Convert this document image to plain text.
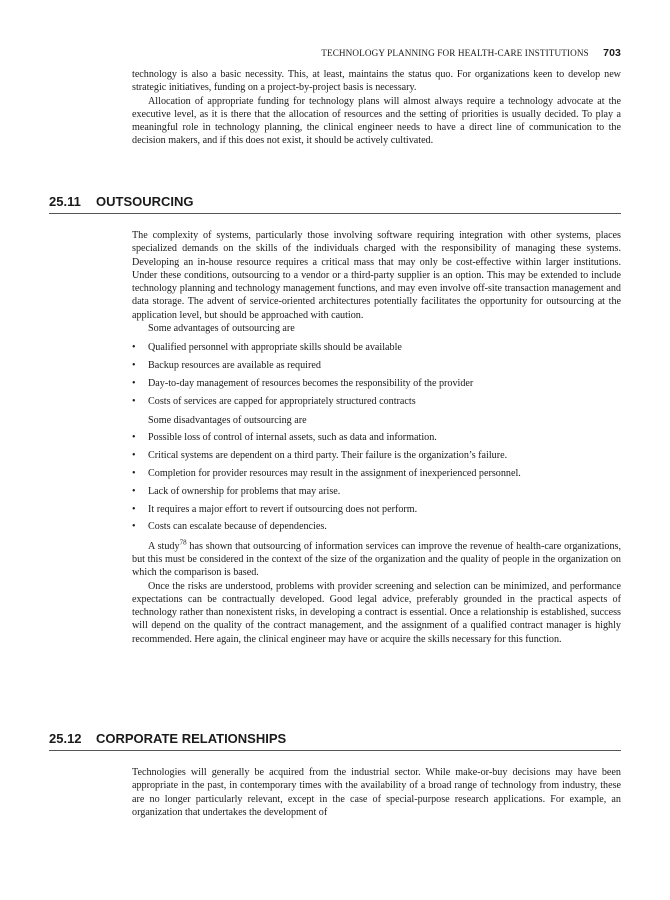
TECHNOLOGY PLANNING FOR HEALTH-CARE INSTITUTIONS 703

technology is also a basic necessity. This, at least, maintains the status quo. For organizations keen to develop new strategic initiatives, funding on a project-by-project basis is necessary.

Allocation of appropriate funding for technology plans will almost always require a technology advocate at the executive level, as it is there that the allocation of resources and the setting of priorities is usually decided. To play a meaningful role in technology planning, the clinical engineer needs to have a direct line of communication to the decision makers, and if this does not exist, it should be actively cultivated.

25.11 OUTSOURCING

The complexity of systems, particularly those involving software requiring integration with other systems, places specialized demands on the skills of the individuals charged with the responsibility of managing these systems. Developing an in-house resource requires a critical mass that may only be cost-effective within larger institutions. Under these conditions, outsourcing to a vendor or a third-party supplier is an option. This may be extended to include technology planning and technology management functions, and may even involve off-site transaction management and data storage. The advent of service-oriented architectures potentially facilitates the opportunity for outsourcing at the application level, but should be approached with caution.

Some advantages of outsourcing are

• Qualified personnel with appropriate skills should be available
• Backup resources are available as required
• Day-to-day management of resources becomes the responsibility of the provider
• Costs of services are capped for appropriately structured contracts

Some disadvantages of outsourcing are

• Possible loss of control of internal assets, such as data and information.
• Critical systems are dependent on a third party. Their failure is the organization’s failure.
• Completion for provider resources may result in the assignment of inexperienced personnel.
• Lack of ownership for problems that may arise.
• It requires a major effort to revert if outsourcing does not perform.
• Costs can escalate because of dependencies.

A study$^{78}$ has shown that outsourcing of information services can improve the revenue of health-care organizations, but this must be considered in the context of the size of the organization and the quality of people in the organization on which the comparison is based.

Once the risks are understood, problems with provider screening and selection can be minimized, and performance expectations can be contractually developed. Good legal advice, preferably grounded in the practical aspects of technology rather than nonexistent risks, in developing a contract is essential. Once a relationship is established, success will depend on the quality of the contract management, and the assignment of a qualified contract manager is highly recommended. Here again, the clinical engineer may have or acquire the skills necessary for this function.

25.12 CORPORATE RELATIONSHIPS

Technologies will generally be acquired from the industrial sector. While make-or-buy decisions may have been appropriate in the past, in contemporary times with the availability of a broad range of technology from industry, these are no longer particularly relevant, except in the case of special-purpose research applications. For example, an organization that undertakes the development of
